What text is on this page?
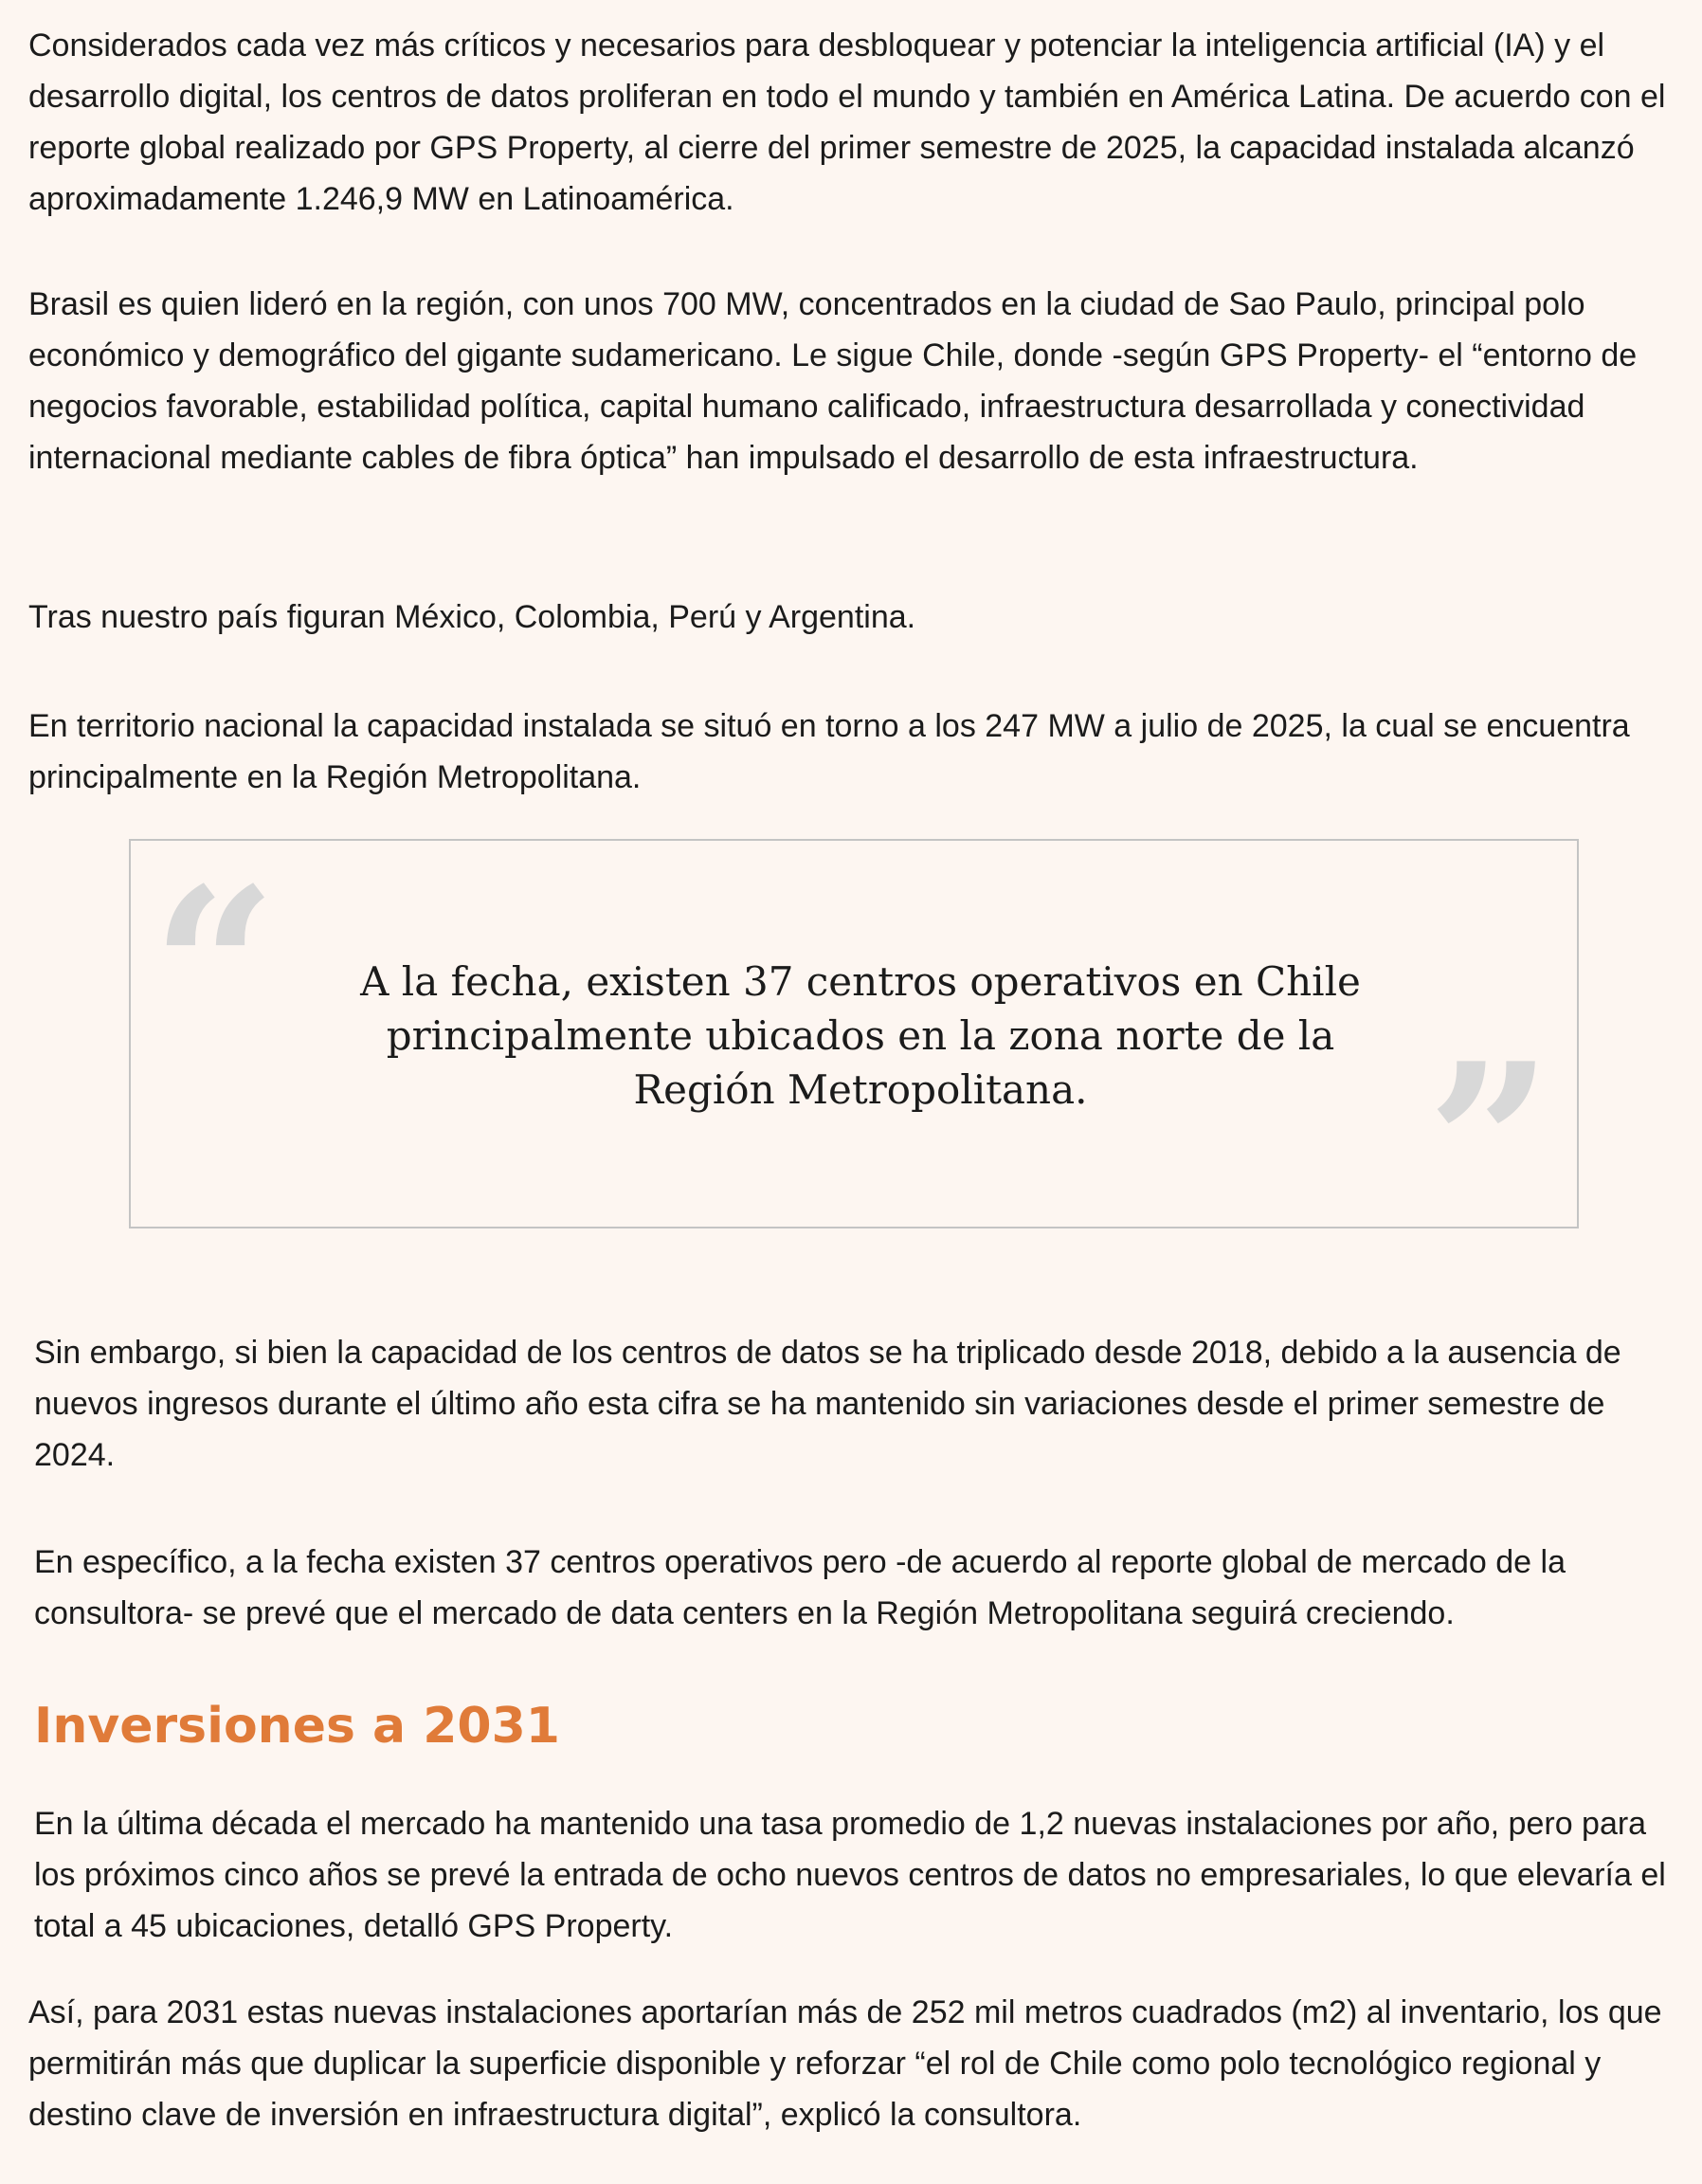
Considerados cada vez más críticos y necesarios para desbloquear y potenciar la inteligencia artificial (IA) y el desarrollo digital, los centros de datos proliferan en todo el mundo y también en América Latina. De acuerdo con el reporte global realizado por GPS Property, al cierre del primer semestre de 2025, la capacidad instalada alcanzó aproximadamente 1.246,9 MW en Latinoamérica.

Brasil es quien lideró en la región, con unos 700 MW, concentrados en la ciudad de Sao Paulo, principal polo económico y demográfico del gigante sudamericano. Le sigue Chile, donde -según GPS Property- el “entorno de negocios favorable, estabilidad política, capital humano calificado, infraestructura desarrollada y conectividad internacional mediante cables de fibra óptica” han impulsado el desarrollo de esta infraestructura.

Tras nuestro país figuran México, Colombia, Perú y Argentina.

En territorio nacional la capacidad instalada se situó en torno a los 247 MW a julio de 2025, la cual se encuentra principalmente en la Región Metropolitana.

“ A la fecha, existen 37 centros operativos en Chile principalmente ubicados en la zona norte de la Región Metropolitana.	”

Sin embargo, si bien la capacidad de los centros de datos se ha triplicado desde 2018, debido a la ausencia de nuevos ingresos durante el último año esta cifra se ha mantenido sin variaciones desde el primer semestre de 2024.

En específico, a la fecha existen 37 centros operativos pero -de acuerdo al reporte global de mercado de la consultora- se prevé que el mercado de data centers en la Región Metropolitana seguirá creciendo.

Inversiones a 2031

En la última década el mercado ha mantenido una tasa promedio de 1,2 nuevas instalaciones por año, pero para los próximos cinco años se prevé la entrada de ocho nuevos centros de datos no empresariales, lo que elevaría el total a 45 ubicaciones, detalló GPS Property.

Así, para 2031 estas nuevas instalaciones aportarían más de 252 mil metros cuadrados (m2) al inventario, los que permitirán más que duplicar la superficie disponible y reforzar “el rol de Chile como polo tecnológico regional y destino clave de inversión en infraestructura digital”, explicó la consultora.
